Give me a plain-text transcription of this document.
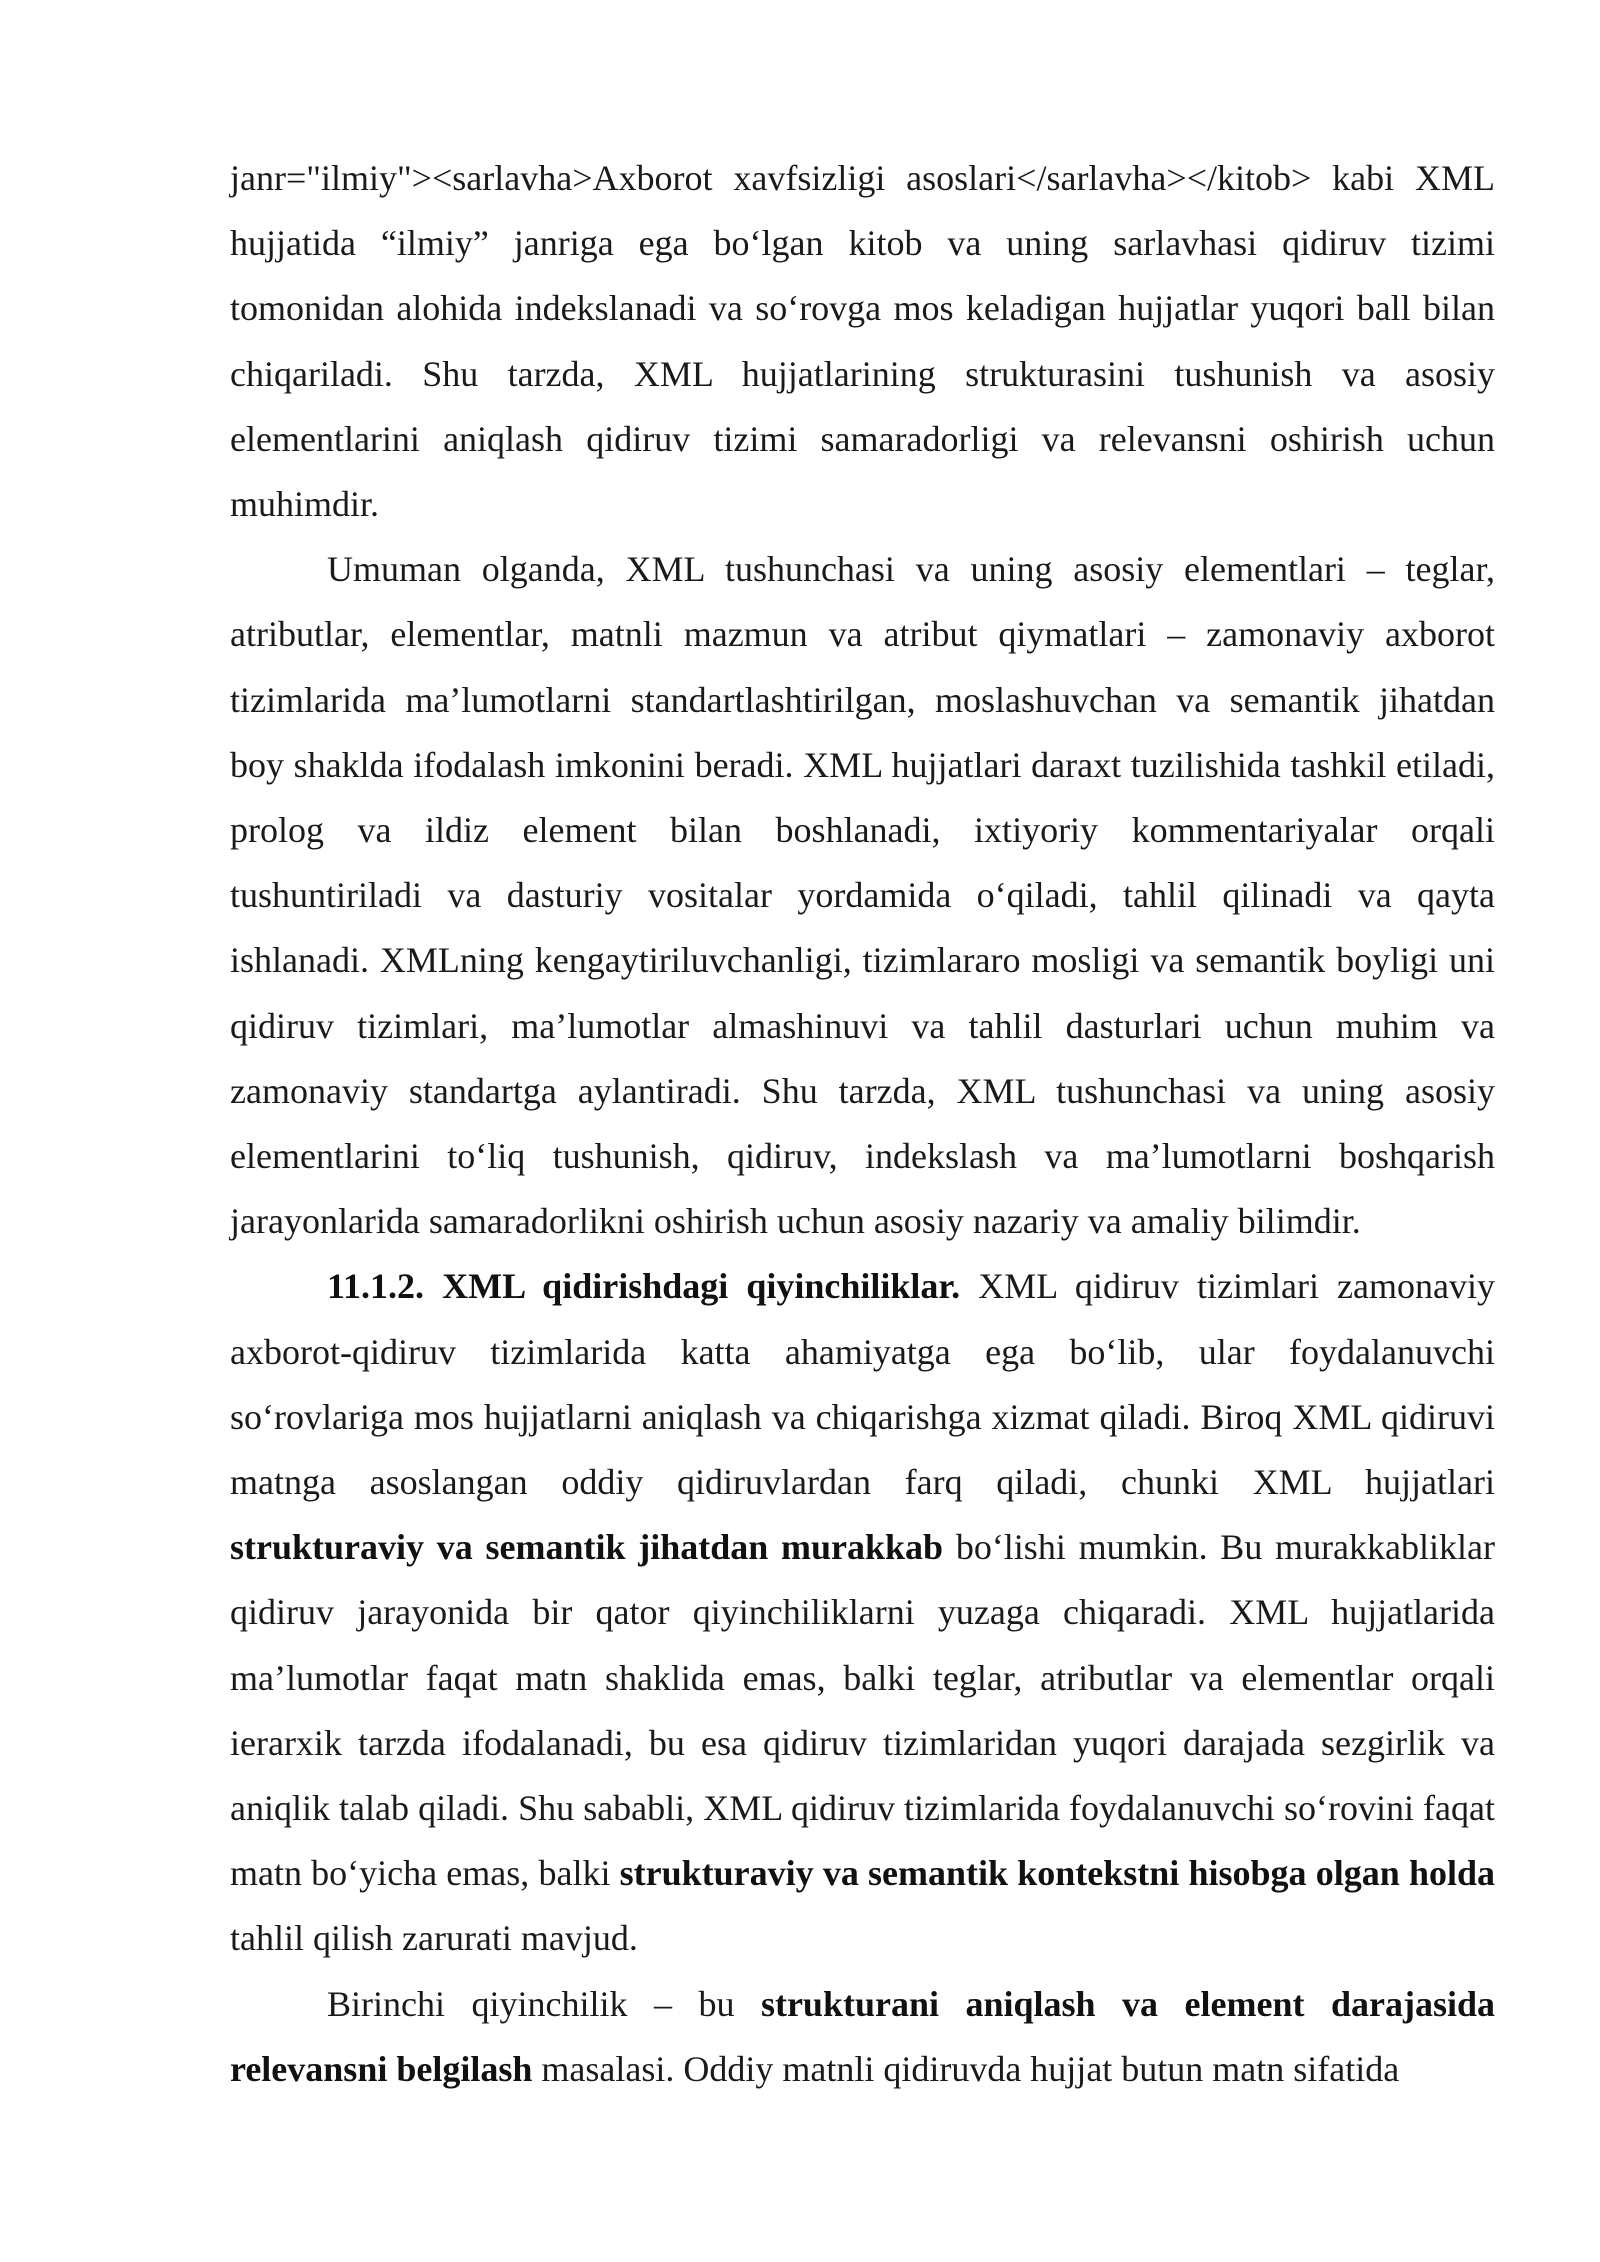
janr="ilmiy"><sarlavha>Axborot xavfsizligi asoslari</sarlavha></kitob> kabi XML hujjatida “ilmiy” janriga ega bo‘lgan kitob va uning sarlavhasi qidiruv tizimi tomonidan alohida indekslanadi va so‘rovga mos keladigan hujjatlar yuqori ball bilan chiqariladi. Shu tarzda, XML hujjatlarining strukturasini tushunish va asosiy elementlarini aniqlash qidiruv tizimi samaradorligi va relevansni oshirish uchun muhimdir.

Umuman olganda, XML tushunchasi va uning asosiy elementlari – teglar, atributlar, elementlar, matnli mazmun va atribut qiymatlari – zamonaviy axborot tizimlarida ma’lumotlarni standartlashtirilgan, moslashuvchan va semantik jihatdan boy shaklda ifodalash imkonini beradi. XML hujjatlari daraxt tuzilishida tashkil etiladi, prolog va ildiz element bilan boshlanadi, ixtiyoriy kommentariyalar orqali tushuntiriladi va dasturiy vositalar yordamida o‘qiladi, tahlil qilinadi va qayta ishlanadi. XMLning kengaytiriluvchanligi, tizimlararo mosligi va semantik boyligi uni qidiruv tizimlari, ma’lumotlar almashinuvi va tahlil dasturlari uchun muhim va zamonaviy standartga aylantiradi. Shu tarzda, XML tushunchasi va uning asosiy elementlarini to‘liq tushunish, qidiruv, indekslash va ma’lumotlarni boshqarish jarayonlarida samaradorlikni oshirish uchun asosiy nazariy va amaliy bilimdir.

11.1.2. XML qidirishdagi qiyinchiliklar. XML qidiruv tizimlari zamonaviy axborot-qidiruv tizimlarida katta ahamiyatga ega bo‘lib, ular foydalanuvchi so‘rovlariga mos hujjatlarni aniqlash va chiqarishga xizmat qiladi. Biroq XML qidiruvi matnga asoslangan oddiy qidiruvlardan farq qiladi, chunki XML hujjatlari strukturaviy va semantik jihatdan murakkab bo‘lishi mumkin. Bu murakkabliklar qidiruv jarayonida bir qator qiyinchiliklarni yuzaga chiqaradi. XML hujjatlarida ma’lumotlar faqat matn shaklida emas, balki teglar, atributlar va elementlar orqali ierarxik tarzda ifodalanadi, bu esa qidiruv tizimlaridan yuqori darajada sezgirlik va aniqlik talab qiladi. Shu sababli, XML qidiruv tizimlarida foydalanuvchi so‘rovini faqat matn bo‘yicha emas, balki strukturaviy va semantik kontekstni hisobga olgan holda tahlil qilish zarurati mavjud.

Birinchi qiyinchilik – bu strukturani aniqlash va element darajasida relevansni belgilash masalasi. Oddiy matnli qidiruvda hujjat butun matn sifatida
